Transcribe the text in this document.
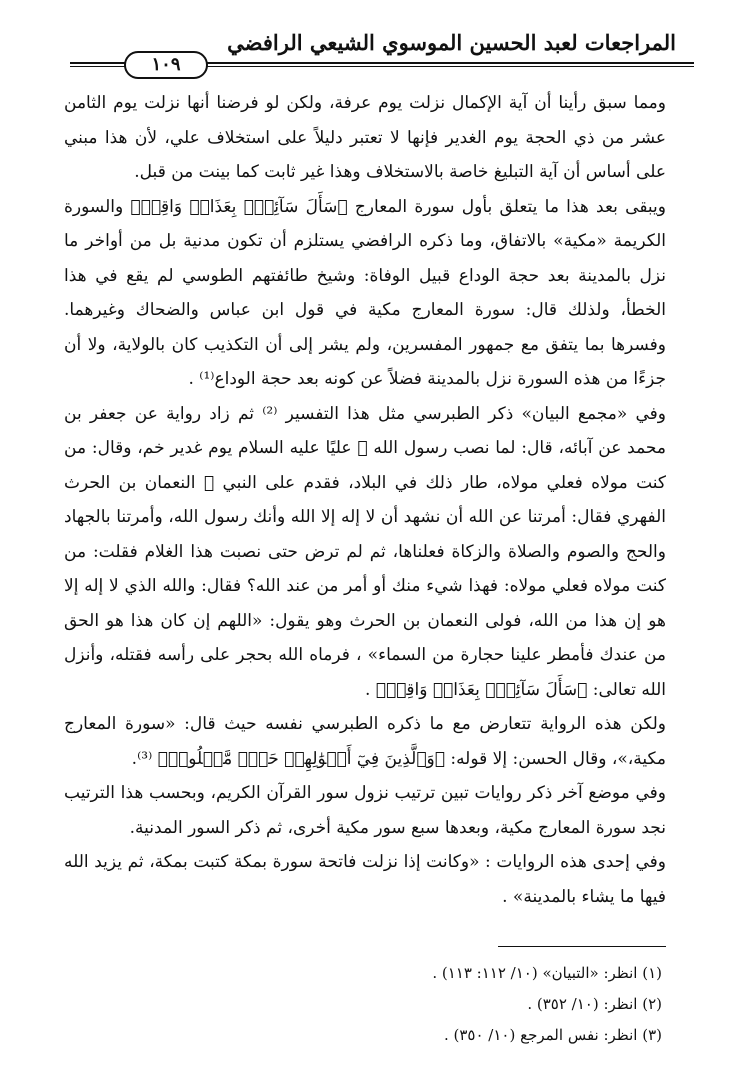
المراجعات لعبد الحسين الموسوي الشيعي الرافضي
١٠٩

ومما سبق رأينا أن آية الإكمال نزلت يوم عرفة، ولكن لو فرضنا أنها نزلت يوم الثامن عشر من ذي الحجة يوم الغدير فإنها لا تعتبر دليلاً على استخلاف علي، لأن هذا مبني على أساس أن آية التبليغ خاصة بالاستخلاف وهذا غير ثابت كما بينت من قبل.

ويبقى بعد هذا ما يتعلق بأول سورة المعارج ﴿سَأَلَ سَآئِلُۢ بِعَذَابٖ وَاقِعٖ﴾ والسورة الكريمة «مكية» بالاتفاق، وما ذكره الرافضي يستلزم أن تكون مدنية بل من أواخر ما نزل بالمدينة بعد حجة الوداع قبيل الوفاة: وشيخ طائفتهم الطوسي لم يقع في هذا الخطأ، ولذلك قال: سورة المعارج مكية في قول ابن عباس والضحاك وغيرهما. وفسرها بما يتفق مع جمهور المفسرين، ولم يشر إلى أن التكذيب كان بالولاية، ولا أن جزءًا من هذه السورة نزل بالمدينة فضلاً عن كونه بعد حجة الوداع⁽¹⁾ .

وفي «مجمع البيان» ذكر الطبرسي مثل هذا التفسير ⁽²⁾ ثم زاد رواية عن جعفر بن محمد عن آبائه، قال: لما نصب رسول الله ﷺ عليًا عليه السلام يوم غدير خم، وقال: من كنت مولاه فعلي مولاه، طار ذلك في البلاد، فقدم على النبي ﷺ النعمان بن الحرث الفهري فقال: أمرتنا عن الله أن نشهد أن لا إله إلا الله وأنك رسول الله، وأمرتنا بالجهاد والحج والصوم والصلاة والزكاة فعلناها، ثم لم ترض حتى نصبت هذا الغلام فقلت: من كنت مولاه فعلي مولاه: فهذا شيء منك أو أمر من عند الله؟ فقال: والله الذي لا إله إلا هو إن هذا من الله، فولى النعمان بن الحرث وهو يقول: «اللهم إن كان هذا هو الحق من عندك فأمطر علينا حجارة من السماء» ، فرماه الله بحجر على رأسه فقتله، وأنزل الله تعالى: ﴿سَأَلَ سَآئِلُۢ بِعَذَابٖ وَاقِعٖ﴾ .

ولكن هذه الرواية تتعارض مع ما ذكره الطبرسي نفسه حيث قال: «سورة المعارج مكية،»، وقال الحسن: إلا قوله: ﴿وَٱلَّذِينَ فِيٓ أَمۡوَٰلِهِمۡ حَقّٞ مَّعۡلُومٞ﴾ ⁽³⁾.

وفي موضع آخر ذكر روايات تبين ترتيب نزول سور القرآن الكريم، وبحسب هذا الترتيب نجد سورة المعارج مكية، وبعدها سبع سور مكية أخرى، ثم ذكر السور المدنية.

وفي إحدى هذه الروايات : «وكانت إذا نزلت فاتحة سورة بمكة كتبت بمكة، ثم يزيد الله فيها ما يشاء بالمدينة» .

(١) انظر: «التبيان» (١٠/ ١١٢: ١١٣) .
(٢) انظر: (١٠/ ٣٥٢) .
(٣) انظر: نفس المرجع (١٠/ ٣٥٠) .
